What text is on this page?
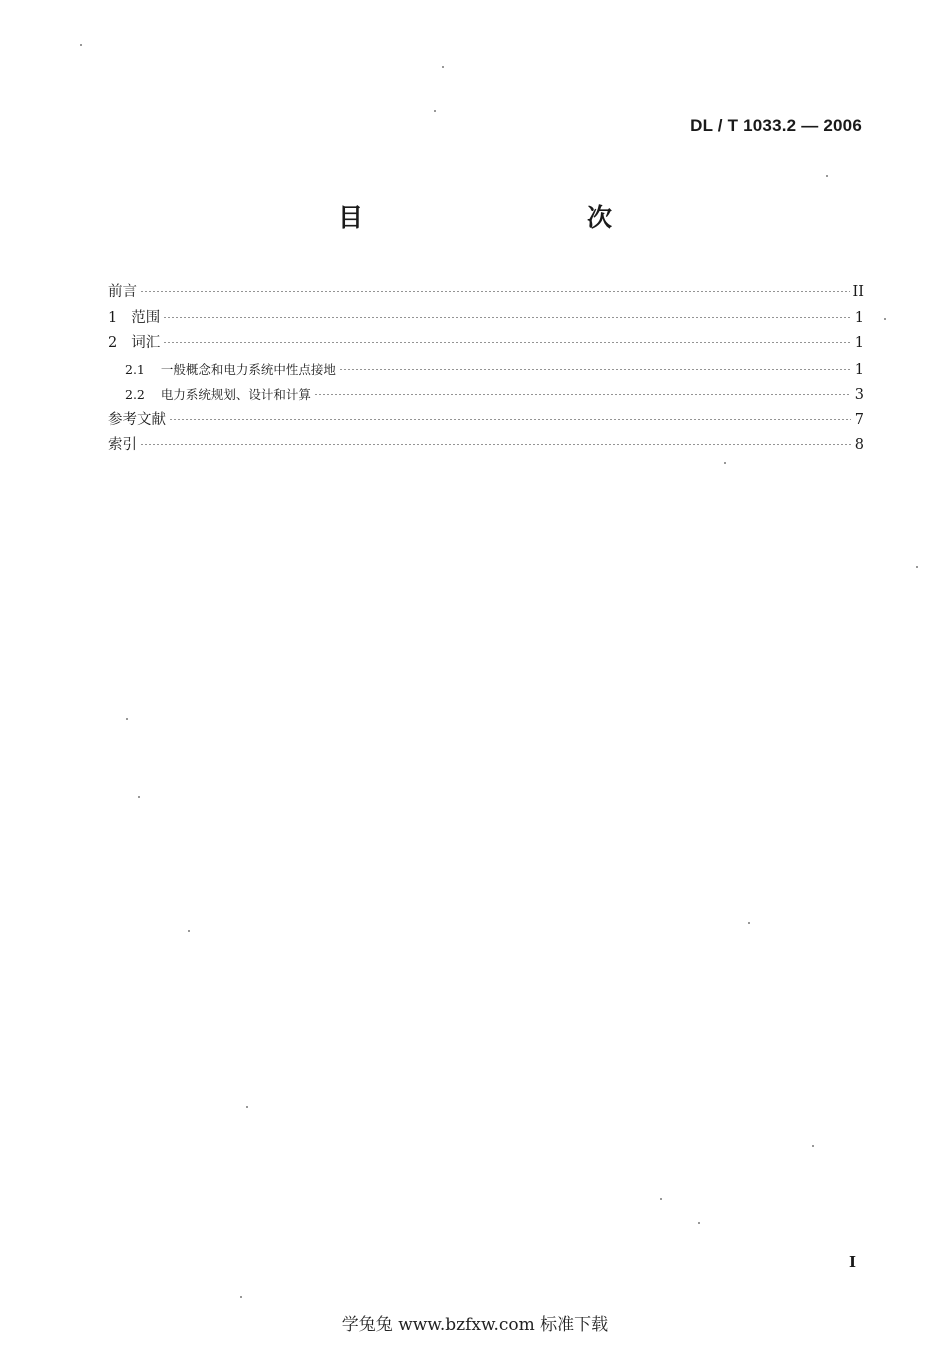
DL / T 1033.2 — 2006
目　　次
前言	II
1 范围	1
2 词汇	1
2.1 一般概念和电力系统中性点接地	1
2.2 电力系统规划、设计和计算	3
参考文献	7
索引	8
I
学兔兔 www.bzfxw.com 标准下载
